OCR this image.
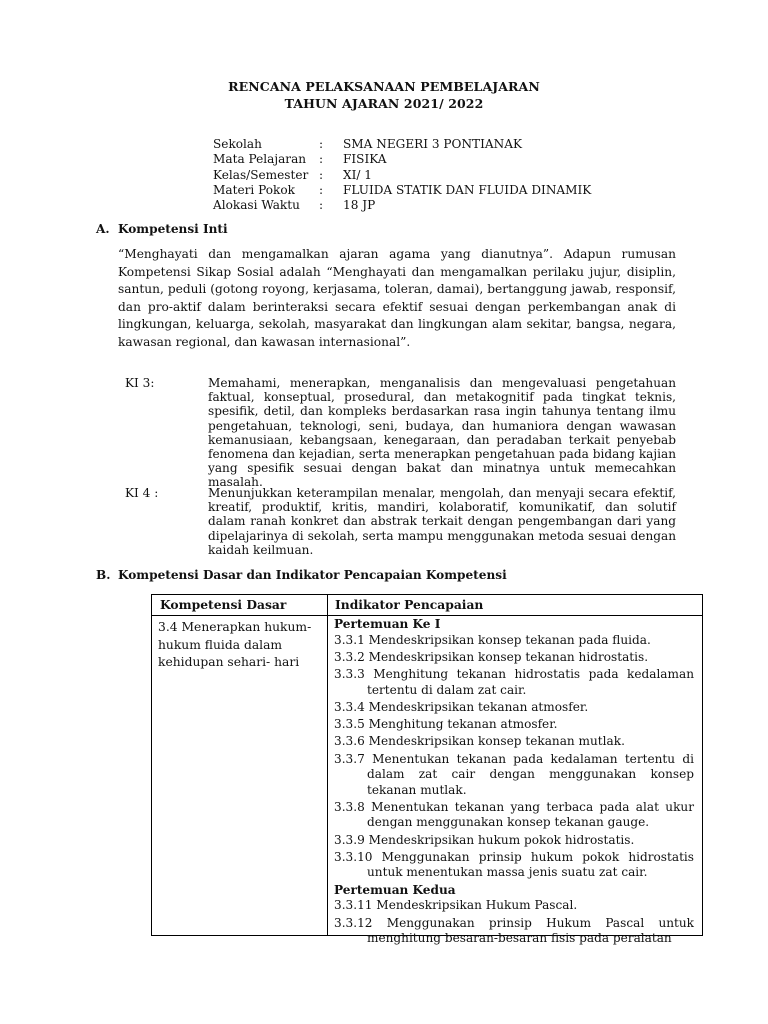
RENCANA PELAKSANAAN PEMBELAJARAN
TAHUN AJARAN 2021/ 2022
Sekolah	:	SMA NEGERI 3 PONTIANAK
Mata Pelajaran	:	FISIKA
Kelas/Semester :	XI/ 1
Materi Pokok	:	FLUIDA STATIK DAN FLUIDA DINAMIK
Alokasi Waktu	:	18 JP
A. Kompetensi Inti
“Menghayati dan mengamalkan ajaran agama yang dianutnya”. Adapun rumusan Kompetensi Sikap Sosial adalah “Menghayati dan mengamalkan perilaku jujur, disiplin, santun, peduli (gotong royong, kerjasama, toleran, damai), bertanggung jawab, responsif, dan pro-aktif dalam berinteraksi secara efektif sesuai dengan perkembangan anak di lingkungan, keluarga, sekolah, masyarakat dan lingkungan alam sekitar, bangsa, negara, kawasan regional, dan kawasan internasional”.
KI 3:	Memahami, menerapkan, menganalisis dan mengevaluasi pengetahuan faktual, konseptual, prosedural, dan metakognitif pada tingkat teknis, spesifik, detil, dan kompleks berdasarkan rasa ingin tahunya tentang ilmu pengetahuan, teknologi, seni, budaya, dan humaniora dengan wawasan kemanusiaan, kebangsaan, kenegaraan, dan peradaban terkait penyebab fenomena dan kejadian, serta menerapkan pengetahuan pada bidang kajian yang spesifik sesuai dengan bakat dan minatnya untuk memecahkan masalah.
KI 4 :	Menunjukkan keterampilan menalar, mengolah, dan menyaji secara efektif, kreatif, produktif, kritis, mandiri, kolaboratif, komunikatif, dan solutif dalam ranah konkret dan abstrak terkait dengan pengembangan dari yang dipelajarinya di sekolah, serta mampu menggunakan metoda sesuai dengan kaidah keilmuan.
B. Kompetensi Dasar dan Indikator Pencapaian Kompetensi
Kompetensi Dasar	Indikator Pencapaian
3.4 Menerapkan hukum-hukum fluida dalam kehidupan sehari- hari
Pertemuan Ke I
3.3.1 Mendeskripsikan konsep tekanan pada fluida.
3.3.2 Mendeskripsikan konsep tekanan hidrostatis.
3.3.3 Menghitung tekanan hidrostatis pada kedalaman tertentu di dalam zat cair.
3.3.4 Mendeskripsikan tekanan atmosfer.
3.3.5 Menghitung tekanan atmosfer.
3.3.6 Mendeskripsikan konsep tekanan mutlak.
3.3.7 Menentukan tekanan pada kedalaman tertentu di dalam zat cair dengan menggunakan konsep tekanan mutlak.
3.3.8 Menentukan tekanan yang terbaca pada alat ukur dengan menggunakan konsep tekanan gauge.
3.3.9 Mendeskripsikan hukum pokok hidrostatis.
3.3.10 Menggunakan prinsip hukum pokok hidrostatis untuk menentukan massa jenis suatu zat cair.
Pertemuan Kedua
3.3.11 Mendeskripsikan Hukum Pascal.
3.3.12 Menggunakan prinsip Hukum Pascal untuk menghitung besaran-besaran fisis pada peralatan
